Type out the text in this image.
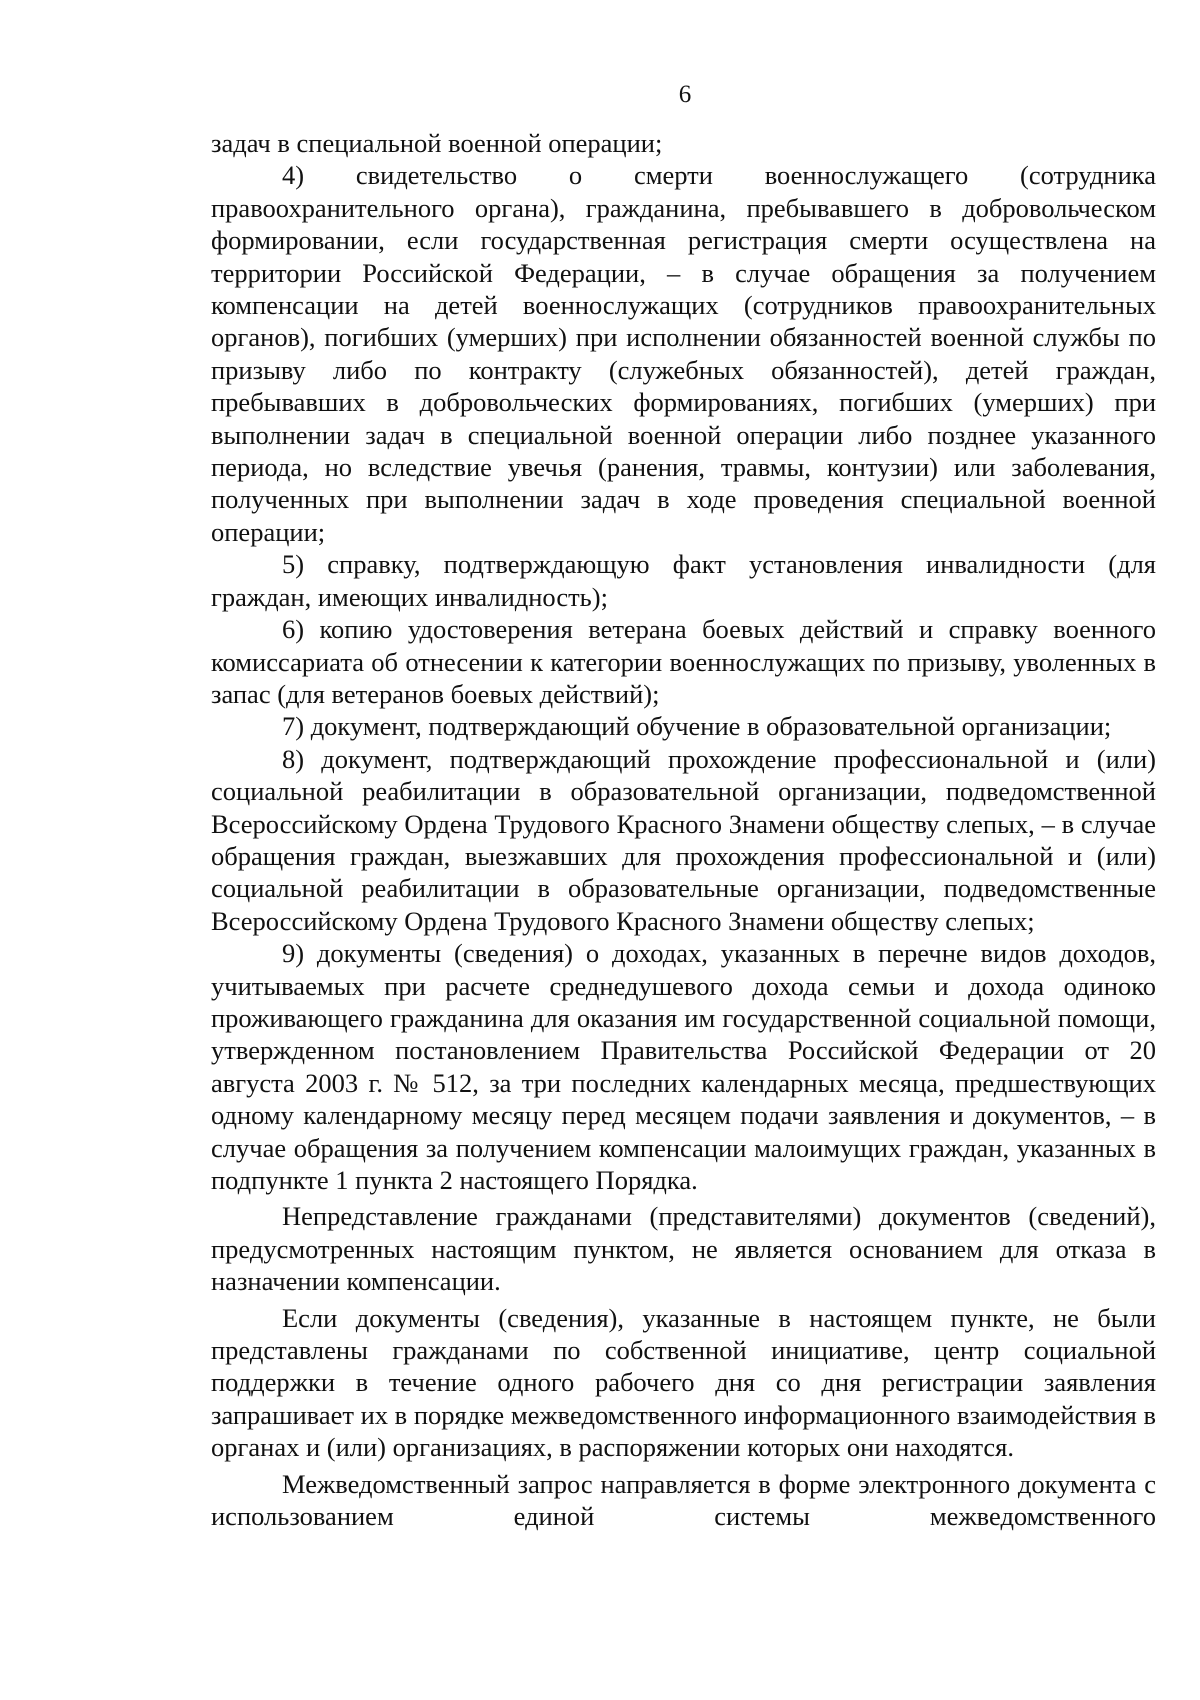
6

задач в специальной военной операции;

4) свидетельство о смерти военнослужащего (сотрудника правоохранительного органа), гражданина, пребывавшего в добровольческом формировании, если государственная регистрация смерти осуществлена на территории Российской Федерации, – в случае обращения за получением компенсации на детей военнослужащих (сотрудников правоохранительных органов), погибших (умерших) при исполнении обязанностей военной службы по призыву либо по контракту (служебных обязанностей), детей граждан, пребывавших в добровольческих формированиях, погибших (умерших) при выполнении задач в специальной военной операции либо позднее указанного периода, но вследствие увечья (ранения, травмы, контузии) или заболевания, полученных при выполнении задач в ходе проведения специальной военной операции;

5) справку, подтверждающую факт установления инвалидности (для граждан, имеющих инвалидность);

6) копию удостоверения ветерана боевых действий и справку военного комиссариата об отнесении к категории военнослужащих по призыву, уволенных в запас (для ветеранов боевых действий);

7) документ, подтверждающий обучение в образовательной организации;

8) документ, подтверждающий прохождение профессиональной и (или) социальной реабилитации в образовательной организации, подведомственной Всероссийскому Ордена Трудового Красного Знамени обществу слепых, – в случае обращения граждан, выезжавших для прохождения профессиональной и (или) социальной реабилитации в образовательные организации, подведомственные Всероссийскому Ордена Трудового Красного Знамени обществу слепых;

9) документы (сведения) о доходах, указанных в перечне видов доходов, учитываемых при расчете среднедушевого дохода семьи и дохода одиноко проживающего гражданина для оказания им государственной социальной помощи, утвержденном постановлением Правительства Российской Федерации от 20 августа 2003 г. № 512, за три последних календарных месяца, предшествующих одному календарному месяцу перед месяцем подачи заявления и документов, – в случае обращения за получением компенсации малоимущих граждан, указанных в подпункте 1 пункта 2 настоящего Порядка.

Непредставление гражданами (представителями) документов (сведений), предусмотренных настоящим пунктом, не является основанием для отказа в назначении компенсации.

Если документы (сведения), указанные в настоящем пункте, не были представлены гражданами по собственной инициативе, центр социальной поддержки в течение одного рабочего дня со дня регистрации заявления запрашивает их в порядке межведомственного информационного взаимодействия в органах и (или) организациях, в распоряжении которых они находятся.

Межведомственный запрос направляется в форме электронного документа с использованием единой системы межведомственного
